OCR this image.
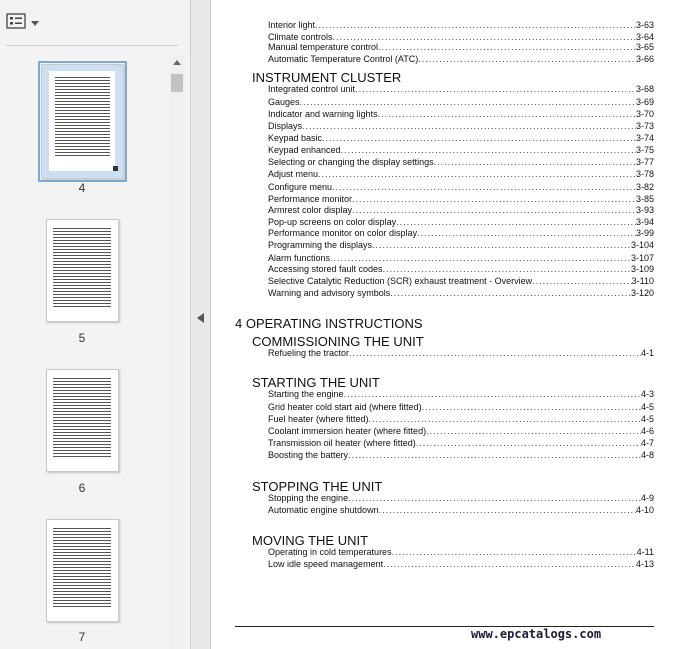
4
5
6
7
Interior light .....	3-63
Climate controls .....	3-64
Manual temperature control .....	3-65
Automatic Temperature Control (ATC) .....	3-66
INSTRUMENT CLUSTER
Integrated control unit .....	3-68
Gauges .....	3-69
Indicator and warning lights .....	3-70
Displays .....	3-73
Keypad basic .....	3-74
Keypad enhanced .....	3-75
Selecting or changing the display settings .....	3-77
Adjust menu .....	3-78
Configure menu .....	3-82
Performance monitor .....	3-85
Armrest color display .....	3-93
Pop-up screens on color display .....	3-94
Performance monitor on color display .....	3-99
Programming the displays .....	3-104
Alarm functions .....	3-107
Accessing stored fault codes .....	3-109
Selective Catalytic Reduction (SCR) exhaust treatment - Overview .....	3-110
Warning and advisory symbols .....	3-120
4 OPERATING INSTRUCTIONS
COMMISSIONING THE UNIT
Refueling the tractor .....	4-1
STARTING THE UNIT
Starting the engine .....	4-3
Grid heater cold start aid (where fitted) .....	4-5
Fuel heater (where fitted) .....	4-5
Coolant immersion heater (where fitted) .....	4-6
Transmission oil heater (where fitted) .....	4-7
Boosting the battery .....	4-8
STOPPING THE UNIT
Stopping the engine .....	4-9
Automatic engine shutdown .....	4-10
MOVING THE UNIT
Operating in cold temperatures .....	4-11
Low idle speed management .....	4-13
www.epcatalogs.com
